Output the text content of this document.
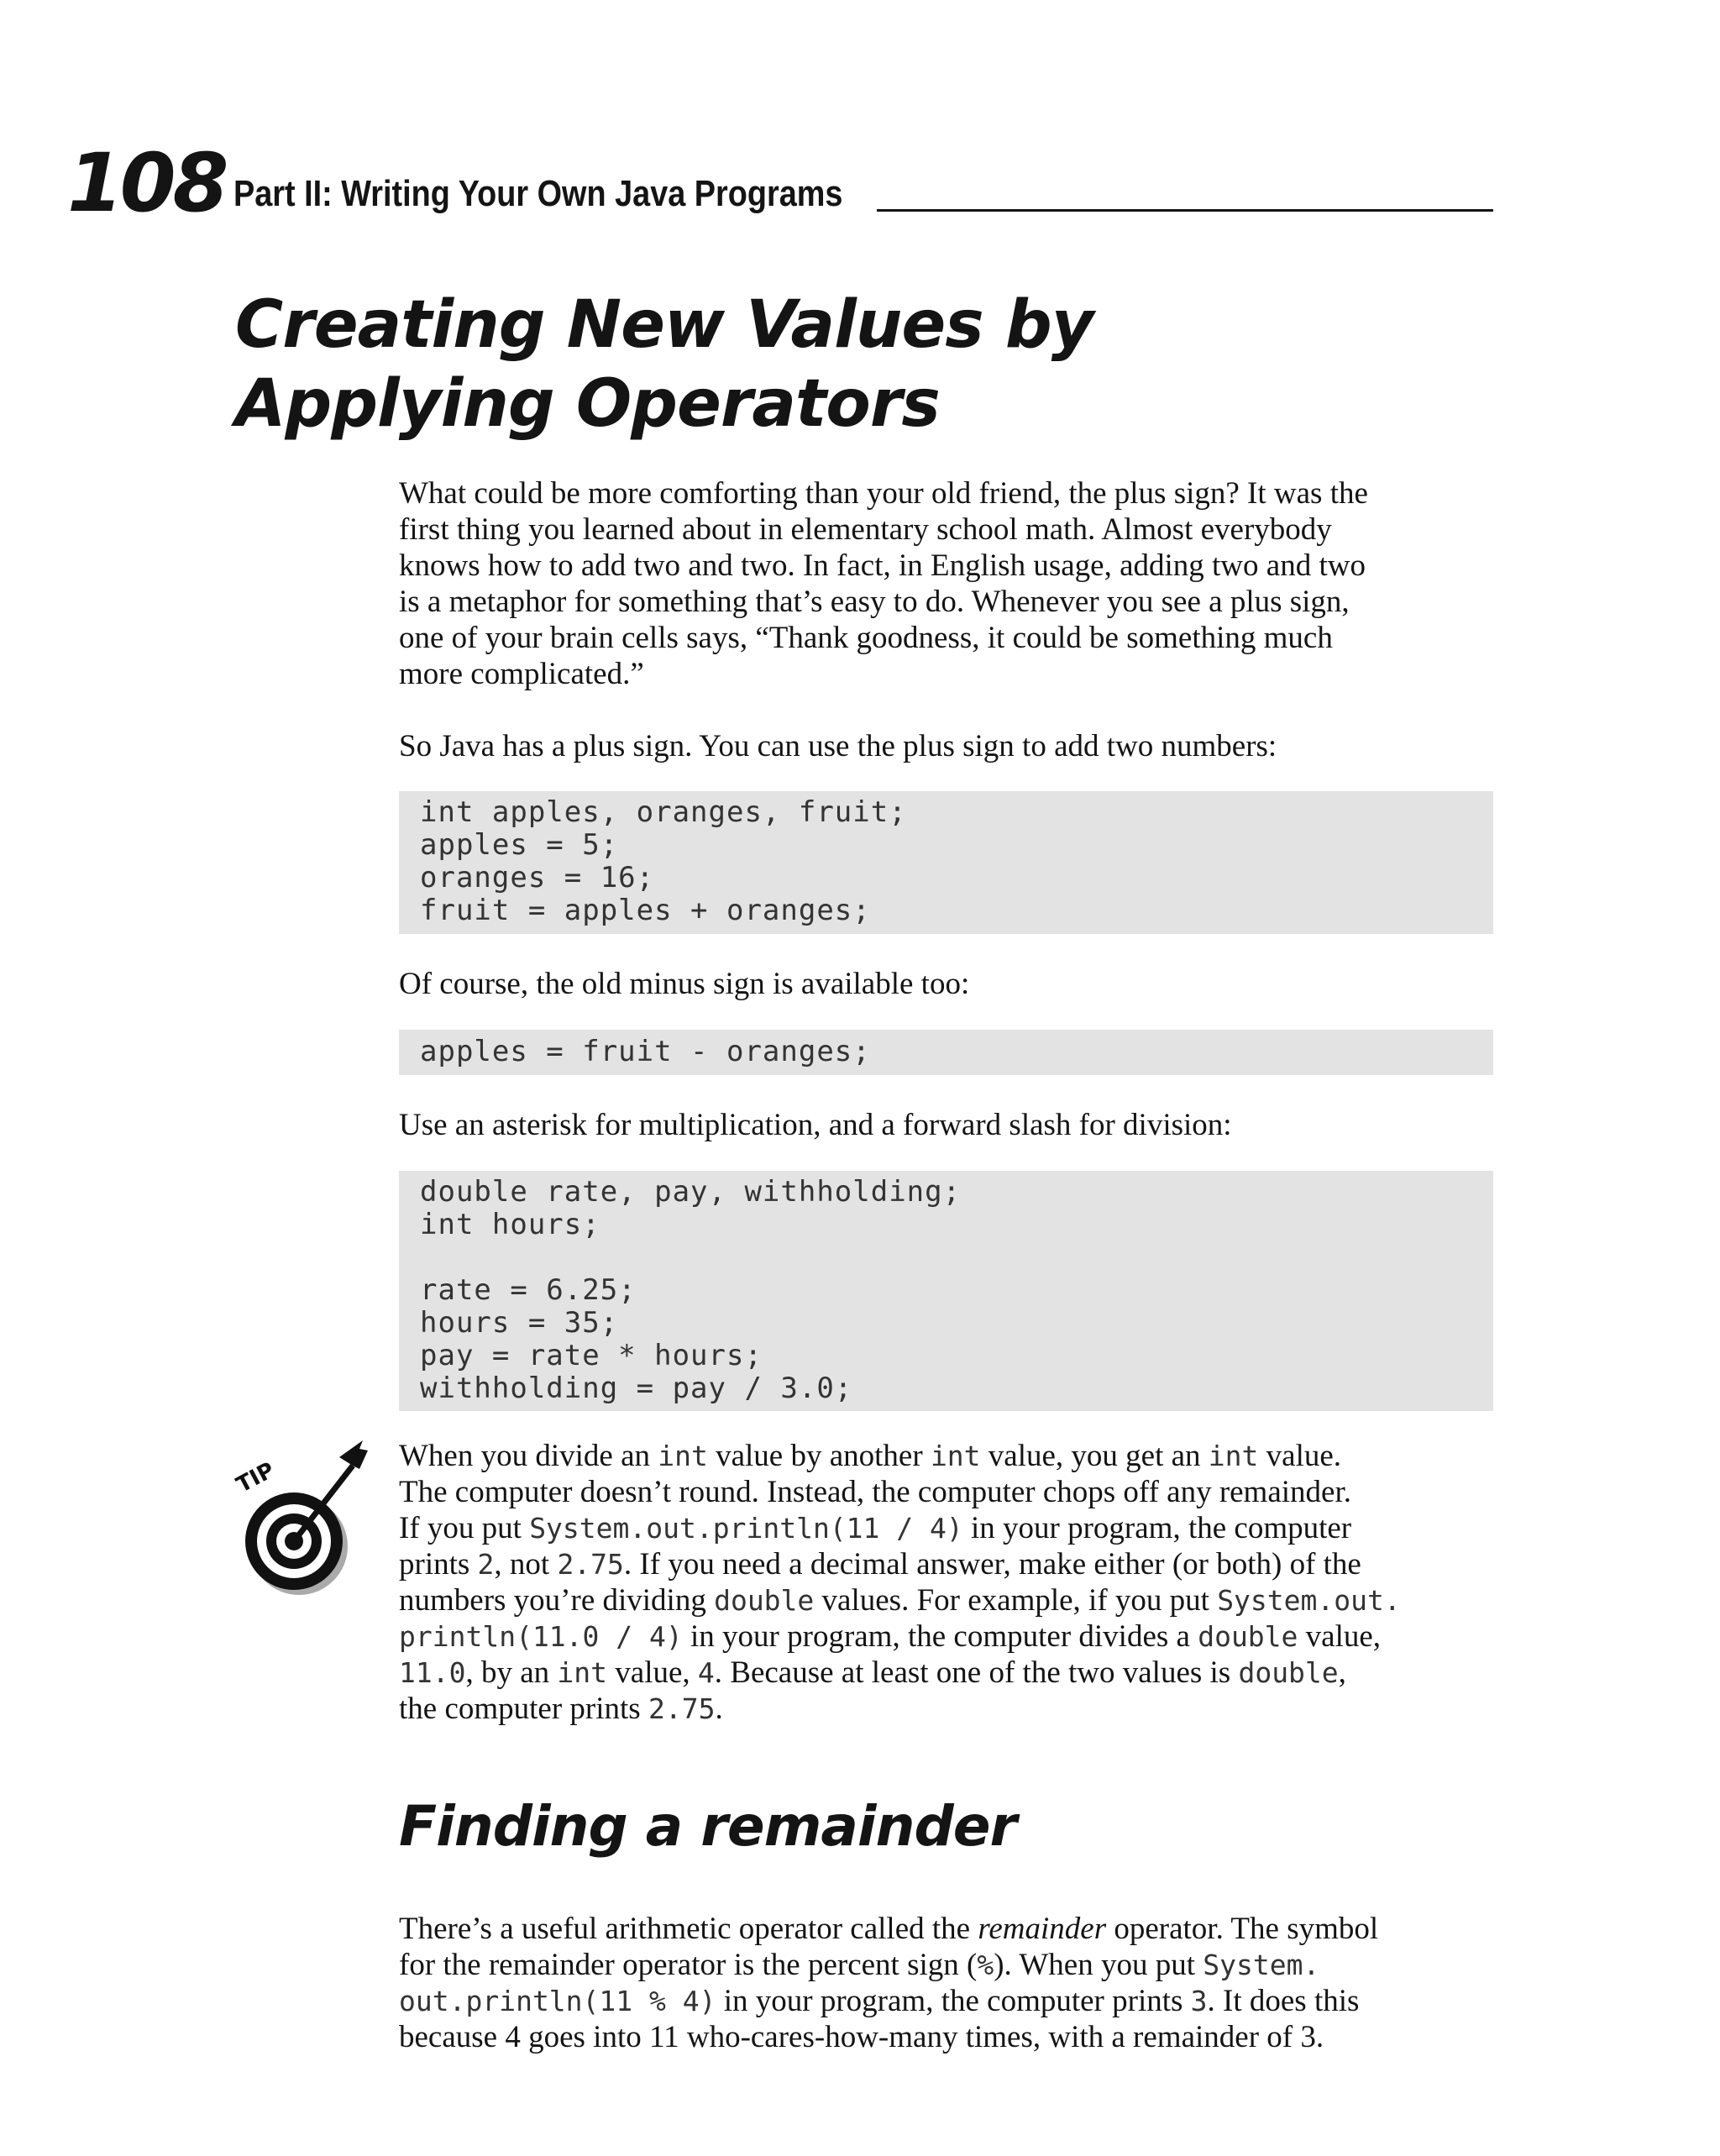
108 Part II: Writing Your Own Java Programs
Creating New Values by
Applying Operators
What could be more comforting than your old friend, the plus sign? It was the
first thing you learned about in elementary school math. Almost everybody
knows how to add two and two. In fact, in English usage, adding two and two
is a metaphor for something that’s easy to do. Whenever you see a plus sign,
one of your brain cells says, “Thank goodness, it could be something much
more complicated.”
So Java has a plus sign. You can use the plus sign to add two numbers:
int apples, oranges, fruit;
apples = 5;
oranges = 16;
fruit = apples + oranges;
Of course, the old minus sign is available too:
apples = fruit - oranges;
Use an asterisk for multiplication, and a forward slash for division:
double rate, pay, withholding;
int hours;
rate = 6.25;
hours = 35;
pay = rate * hours;
withholding = pay / 3.0;
TIP
When you divide an int value by another int value, you get an int value.
The computer doesn’t round. Instead, the computer chops off any remainder.
If you put System.out.println(11 / 4) in your program, the computer
prints 2, not 2.75. If you need a decimal answer, make either (or both) of the
numbers you’re dividing double values. For example, if you put System.out.
println(11.0 / 4) in your program, the computer divides a double value,
11.0, by an int value, 4. Because at least one of the two values is double,
the computer prints 2.75.
Finding a remainder
There’s a useful arithmetic operator called the remainder operator. The symbol
for the remainder operator is the percent sign (%). When you put System.
out.println(11 % 4) in your program, the computer prints 3. It does this
because 4 goes into 11 who-cares-how-many times, with a remainder of 3.
